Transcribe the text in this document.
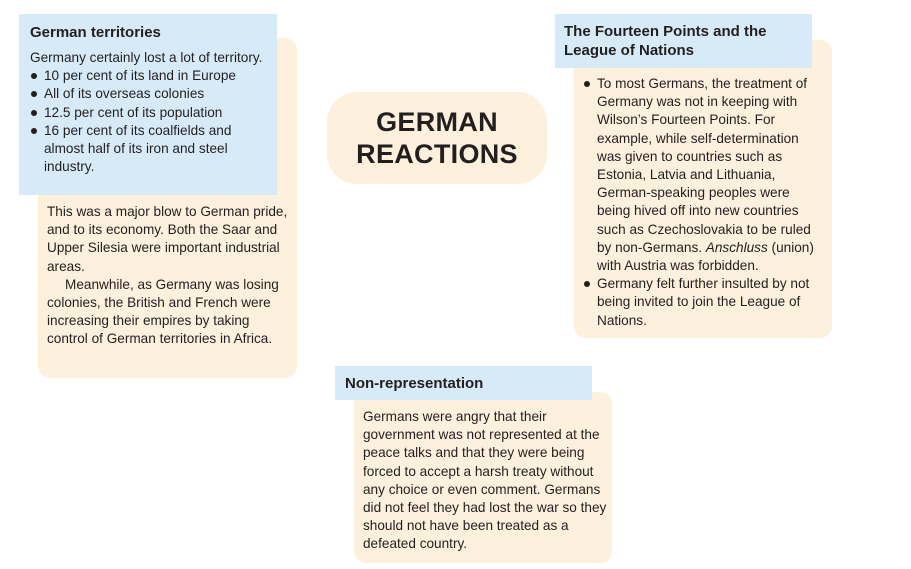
GERMAN
REACTIONS

This was a major blow to German pride, and to its economy. Both the Saar and Upper Silesia were important industrial areas.

Meanwhile, as Germany was losing colonies, the British and French were increasing their empires by taking control of German territories in Africa.

German territories

Germany certainly lost a lot of territory.

10 per cent of its land in Europe
All of its overseas colonies
12.5 per cent of its population
16 per cent of its coalfields and almost half of its iron and steel industry.
To most Germans, the treatment of Germany was not in keeping with Wilson’s Fourteen Points. For example, while self-determination was given to countries such as Estonia, Latvia and Lithuania, German-speaking peoples were being hived off into new countries such as Czechoslovakia to be ruled by non-Germans. Anschluss (union) with Austria was forbidden.
Germany felt further insulted by not being invited to join the League of Nations.

The Fourteen Points and the League of Nations

Germans were angry that their government was not represented at the peace talks and that they were being forced to accept a harsh treaty without any choice or even comment. Germans did not feel they had lost the war so they should not have been treated as a defeated country.

Non-representation
